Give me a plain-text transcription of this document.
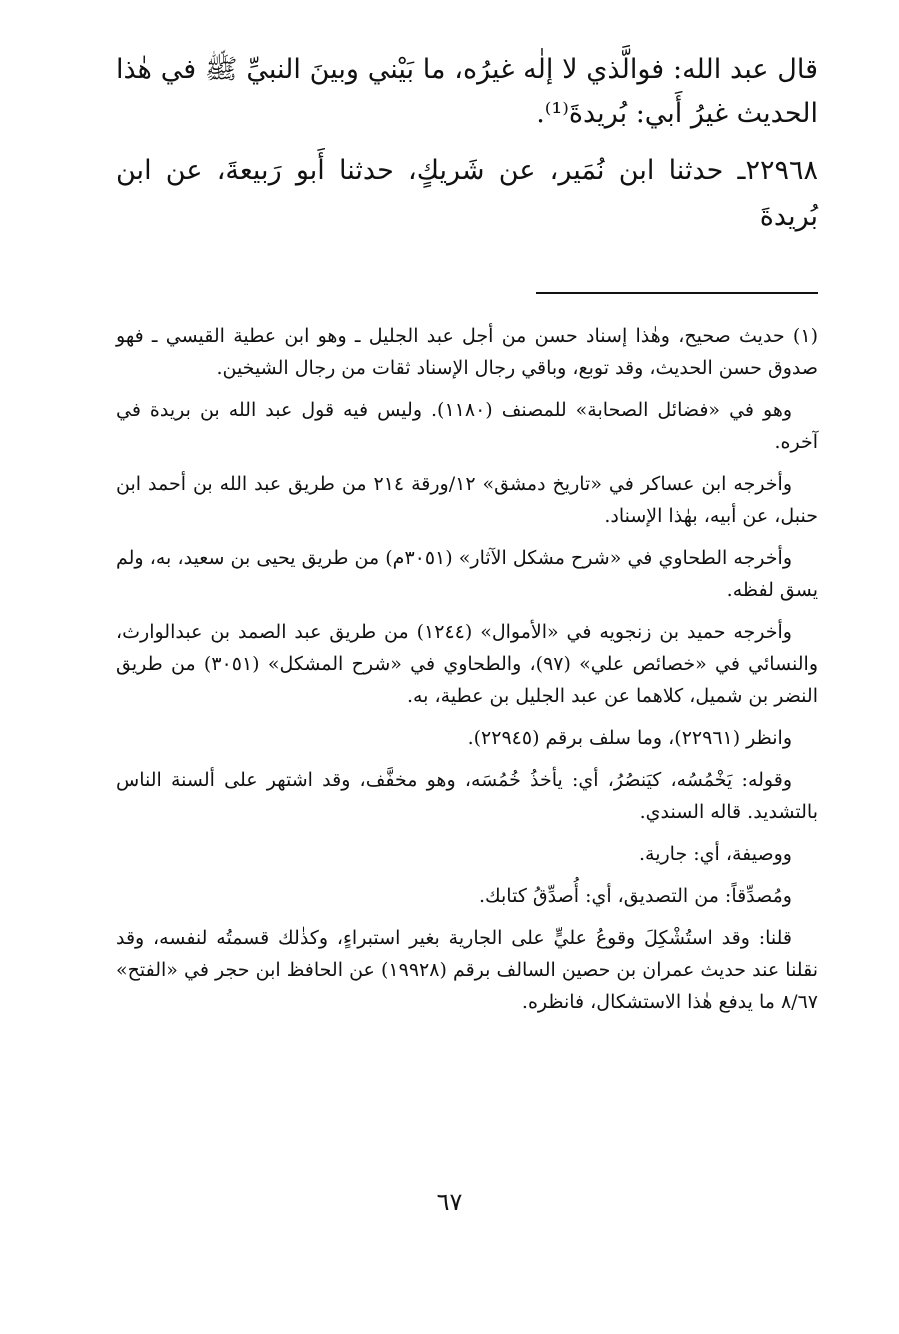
قال عبد الله: فوالَّذي لا إلٰه غيرُه، ما بَيْني وبينَ النبيِّ ﷺ في هٰذا الحديث غيرُ أَبي: بُريدةَ⁽¹⁾.

٢٢٩٦٨ـ حدثنا ابن نُمَير، عن شَريكٍ، حدثنا أَبو رَبيعةَ، عن ابن بُريدةَ

(١) حديث صحيح، وهٰذا إسناد حسن من أجل عبد الجليل ـ وهو ابن عطية القيسي ـ فهو صدوق حسن الحديث، وقد توبع، وباقي رجال الإسناد ثقات من رجال الشيخين.

وهو في «فضائل الصحابة» للمصنف (١١٨٠). وليس فيه قول عبد الله بن بريدة في آخره.

وأخرجه ابن عساكر في «تاريخ دمشق» ١٢/ورقة ٢١٤ من طريق عبد الله بن أحمد ابن حنبل، عن أبيه، بهٰذا الإسناد.

وأخرجه الطحاوي في «شرح مشكل الآثار» (٣٠٥١م) من طريق يحيى بن سعيد، به، ولم يسق لفظه.

وأخرجه حميد بن زنجويه في «الأموال» (١٢٤٤) من طريق عبد الصمد بن عبدالوارث، والنسائي في «خصائص علي» (٩٧)، والطحاوي في «شرح المشكل» (٣٠٥١) من طريق النضر بن شميل، كلاهما عن عبد الجليل بن عطية، به.

وانظر (٢٢٩٦١)، وما سلف برقم (٢٢٩٤٥).

وقوله: يَخْمُسُه، كيَنصُرُ، أي: يأخذُ خُمُسَه، وهو مخفَّف، وقد اشتهر على ألسنة الناس بالتشديد. قاله السندي.

ووصيفة، أي: جارية.

ومُصدِّقاً: من التصديق، أي: أُصدِّقُ كتابك.

قلنا: وقد استُشْكِلَ وقوعُ عليٍّ على الجارية بغير استبراءٍ، وكذٰلك قسمتُه لنفسه، وقد نقلنا عند حديث عمران بن حصين السالف برقم (١٩٩٢٨) عن الحافظ ابن حجر في «الفتح» ٨/٦٧ ما يدفع هٰذا الاستشكال، فانظره.

٦٧
